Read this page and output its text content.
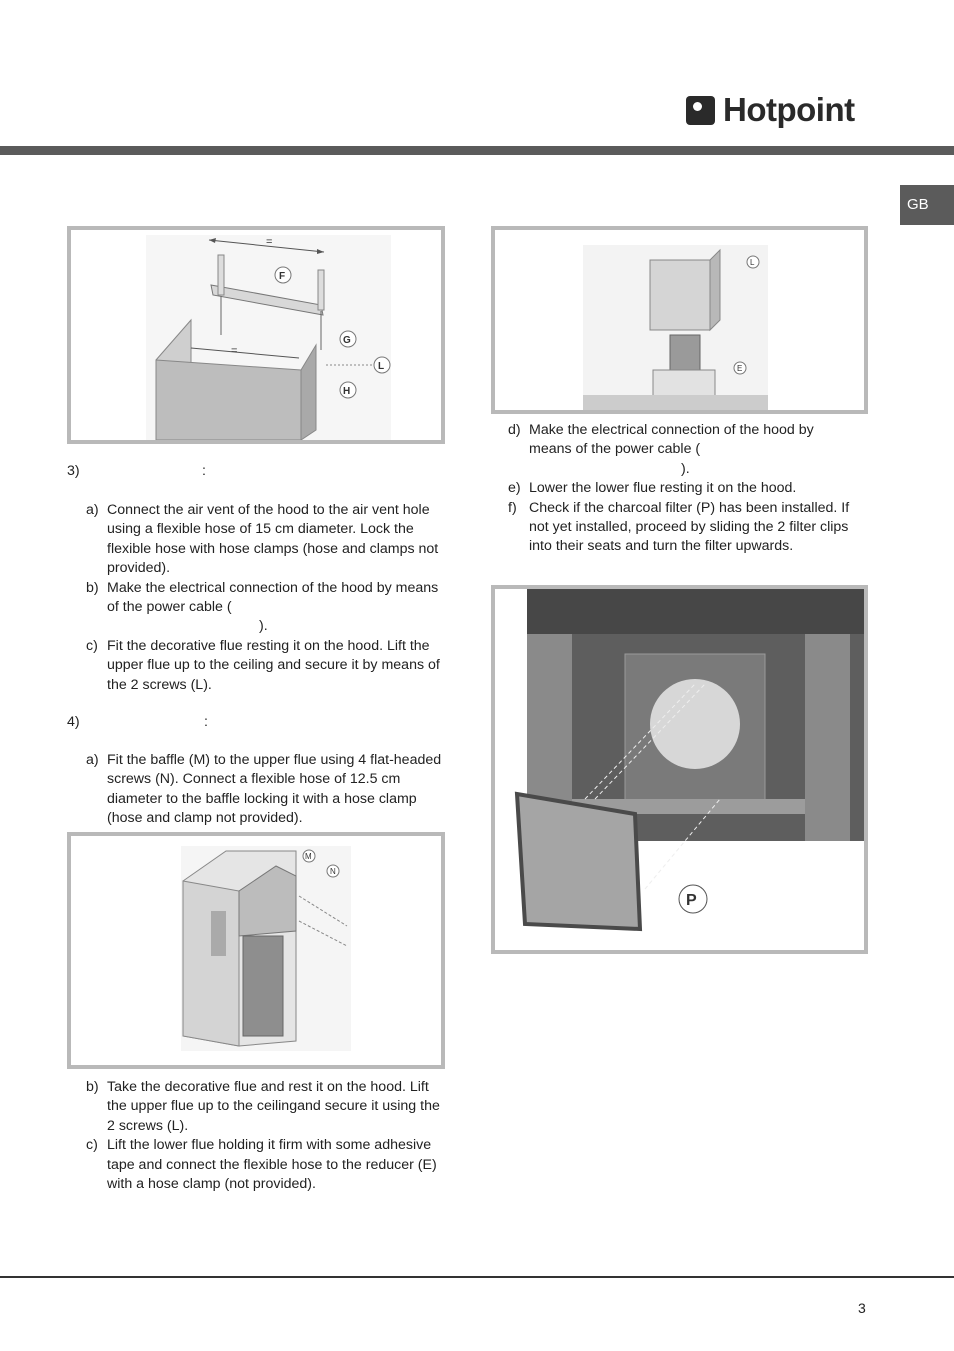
Hotpoint
GB
=
F
=
G
L
H
L
E
3)	:
a) Connect the air vent of the hood to the air vent hole using a flexible hose of 15 cm diameter. Lock the flexible hose with hose clamps (hose and clamps not provided).
b) Make the electrical connection of the hood by means of the power cable (
).
c) Fit the decorative flue resting it on the hood. Lift the upper flue up to the ceiling and secure it by means of the 2 screws (L).
4)	:
a) Fit the baffle (M) to the upper flue using 4 flat-headed screws (N). Connect a flexible hose of 12.5 cm diameter to the baffle locking it with a hose clamp (hose and clamp not provided).
M
N
b) Take the decorative flue and rest it on the hood. Lift the upper flue up to the ceilingand secure it using the 2 screws (L).
c) Lift the lower flue holding it firm with some adhesive tape and connect the flexible hose to the reducer (E) with a hose clamp (not provided).
d) Make the electrical connection of the hood by means of the power cable (
).
e) Lower the lower flue resting it on the hood.
f) Check if the charcoal filter (P) has been installed. If not yet installed, proceed by sliding the 2 filter clips into their seats and turn the filter upwards.
P
3
